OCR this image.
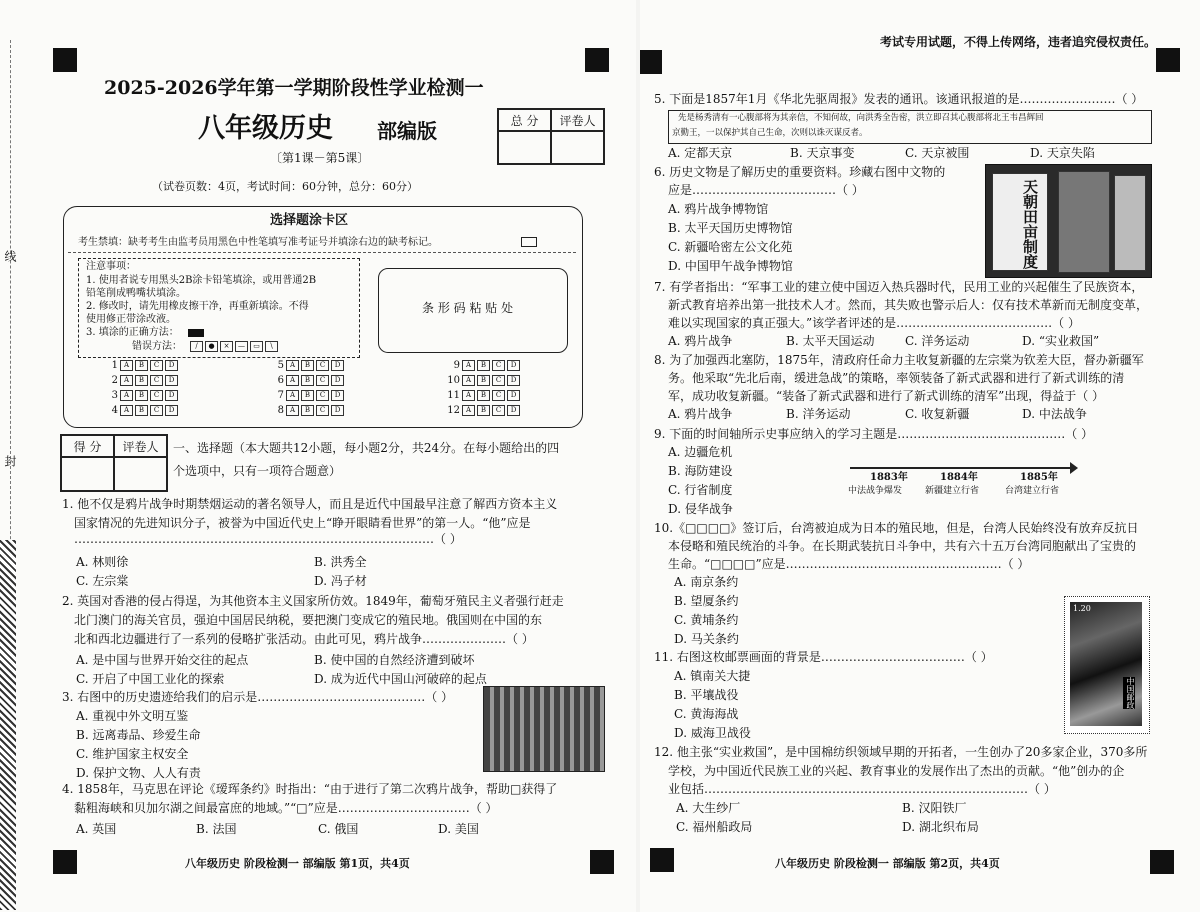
线
封
2025-2026学年第一学期阶段性学业检测一
八年级历史 部编版
〔第1课－第5课〕
（试卷页数：4页，考试时间：60分钟，总分：60分）
总 分	评卷人
选择题涂卡区
考生禁填：缺考考生由监考员用黑色中性笔填写准考证号并填涂右边的缺考标记。
注意事项：
1. 使用者说专用黑头2B涂卡铅笔填涂，或用普通2B
铅笔削成鸭嘴状填涂。
2. 修改时，请先用橡皮擦干净，再重新填涂。不得
使用修正带涂改液。
3. 填涂的正确方法：
错误方法：	/ ● × — ▭ \
条 形 码 粘 贴 处
1 A B C D
2 A B C D
3 A B C D
4 A B C D
5 A B C D
6 A B C D
7 A B C D
8 A B C D
9 A B C D
10 A B C D
11 A B C D
12 A B C D
得 分	评卷人	一、选择题（本大题共12小题，每小题2分，共24分。在每小题给出的四
个选项中，只有一项符合题意）
1. 他不仅是鸦片战争时期禁烟运动的著名领导人，而且是近代中国最早注意了解西方资本主义
国家情况的先进知识分子，被誉为中国近代史上“睁开眼睛看世界”的第一人。“他”应是
………………………………………………………………………………（ ）
A. 林则徐	B. 洪秀全
C. 左宗棠	D. 冯子材
2. 英国对香港的侵占得逞，为其他资本主义国家所仿效。1849年，葡萄牙殖民主义者强行赶走
北门澳门的海关官员，强迫中国居民纳税，要把澳门变成它的殖民地。俄国则在中国的东
北和西北边疆进行了一系列的侵略扩张活动。由此可见，鸦片战争…………………（ ）
A. 是中国与世界开始交往的起点	B. 使中国的自然经济遭到破坏
C. 开启了中国工业化的探索	D. 成为近代中国山河破碎的起点
3. 右图中的历史遗迹给我们的启示是……………………………………（ ）
A. 重视中外文明互鉴
B. 远离毒品、珍爱生命
C. 维护国家主权安全
D. 保护文物、人人有责
4. 1858年，马克思在评论《瑷珲条约》时指出：“由于进行了第二次鸦片战争，帮助□获得了
黏粗海峡和贝加尔湖之间最富庶的地域。”“□”应是……………………………（ ）
A. 英国	B. 法国	C. 俄国	D. 美国
八年级历史 阶段检测一 部编版 第1页，共4页
考试专用试题，不得上传网络，违者追究侵权责任。
5. 下面是1857年1月《华北先驱周报》发表的通讯。该通讯报道的是……………………（ ）
先是杨秀清有一心腹部将为其亲信，不知何故，向洪秀全告密，洪立即召其心腹部将北王韦昌辉回
京勤王，一以保护其自己生命，次则以诛灭谋反者。
A. 定都天京	B. 天京事变	C. 天京被围	D. 天京失陷
6. 历史文物是了解历史的重要资料。珍藏右图中文物的
应是………………………………（ ）	天朝田亩制度
A. 鸦片战争博物馆
B. 太平天国历史博物馆
C. 新疆哈密左公文化苑
D. 中国甲午战争博物馆
7. 有学者指出：“军事工业的建立使中国迈入热兵器时代，民用工业的兴起催生了民族资本，
新式教育培养出第一批技术人才。然而，其失败也警示后人：仅有技术革新而无制度变革，
难以实现国家的真正强大。”该学者评述的是…………………………………（ ）
A. 鸦片战争	B. 太平天国运动	C. 洋务运动	D. “实业救国”
8. 为了加强西北塞防，1875年，清政府任命力主收复新疆的左宗棠为钦差大臣，督办新疆军
务。他采取“先北后南，缓进急战”的策略，率领装备了新式武器和进行了新式训练的清
军，成功收复新疆。“装备了新式武器和进行了新式训练的清军”出现，得益于（ ）
A. 鸦片战争	B. 洋务运动	C. 收复新疆	D. 中法战争
9. 下面的时间轴所示史事应纳入的学习主题是……………………………………（ ）
A. 边疆危机
B. 海防建设
C. 行省制度
D. 侵华战争
1883年	1884年	1885年
中法战争爆发	新疆建立行省	台湾建立行省
10.《□□□□》签订后，台湾被迫成为日本的殖民地，但是，台湾人民始终没有放弃反抗日
本侵略和殖民统治的斗争。在长期武装抗日斗争中，共有六十五万台湾同胞献出了宝贵的
生命。“□□□□”应是………………………………………………（ ）
A. 南京条约
B. 望厦条约
C. 黄埔条约
D. 马关条约
1.20
中国邮政
11. 右图这枚邮票画面的背景是………………………………（ ）
A. 镇南关大捷
B. 平壤战役
C. 黄海海战
D. 威海卫战役
12. 他主张“实业救国”，是中国棉纺织领域早期的开拓者，一生创办了20多家企业，370多所
学校，为中国近代民族工业的兴起、教育事业的发展作出了杰出的贡献。“他”创办的企
业包括………………………………………………………………………（ ）
A. 大生纱厂	B. 汉阳铁厂
C. 福州船政局	D. 湖北织布局
八年级历史 阶段检测一 部编版 第2页，共4页
